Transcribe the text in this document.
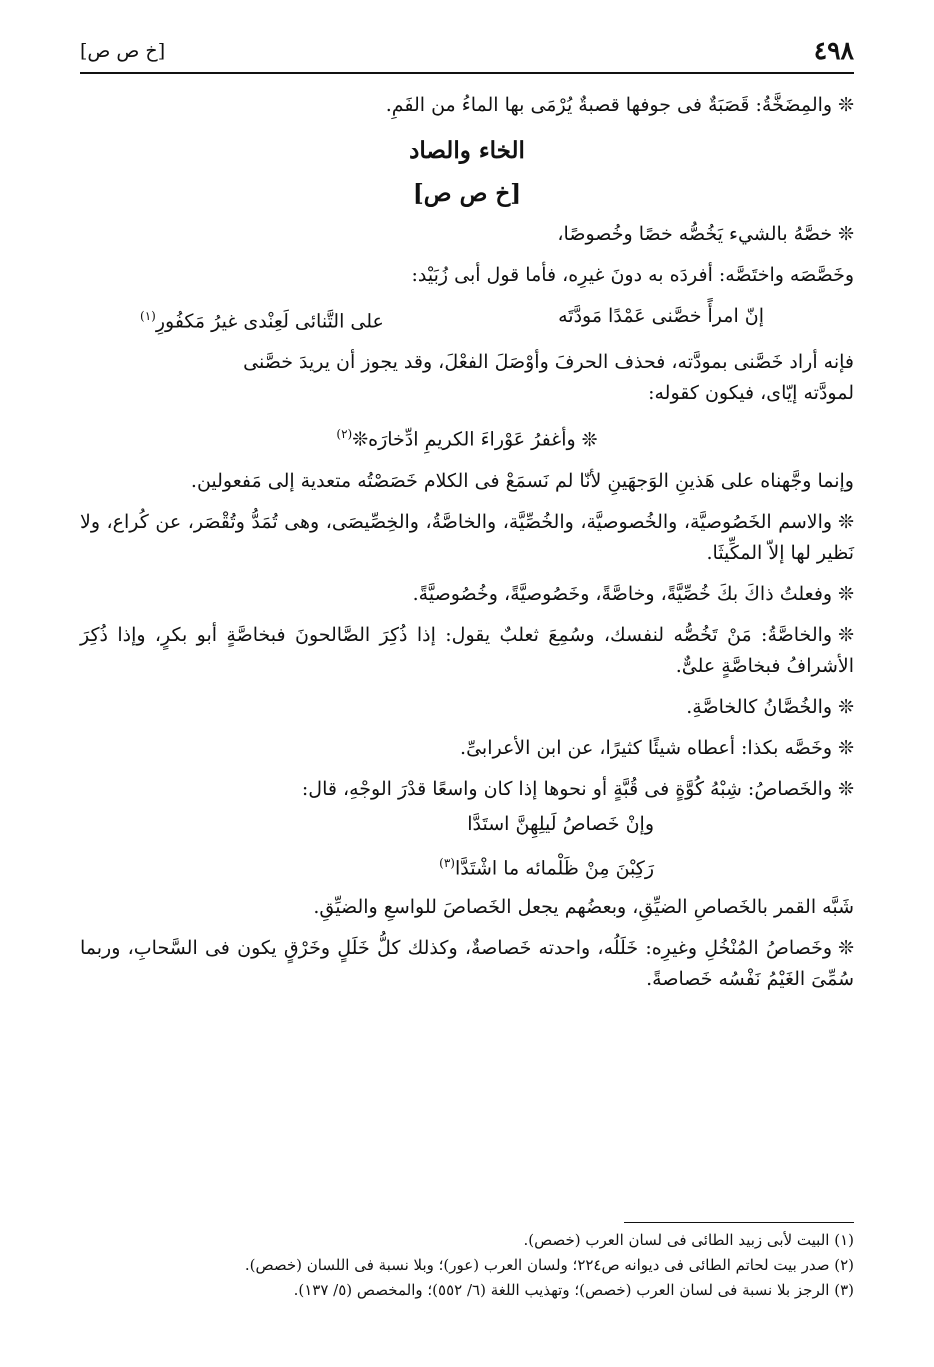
٤٩٨
[خ ص ص]

❊والمِضَخَّةُ: قَصَبَةٌ فى جوفها قصبةٌ يُرْمَى بها الماءُ من الفَمِ.

الخاء والصاد
[خ ص ص]

❊خصَّهُ بالشيء يَخُصُّه خصًا وخُصوصًا،

وخَصَّصَه واختَصَّه: أفردَه به دونَ غيرِه، فأما قول أبى زُبَيْد:

إنّ امرأً خصَّنى عَمْدًا مَودَّتَه
على التَّنائى لَعِنْدى غيرُ مَكفُورِ$^{(١)}$

فإنه أراد خَصَّنى بمودَّته، فحذف الحرفَ وأوْصَلَ الفعْلَ، وقد يجوز أن يريدَ خصَّنى

لمودَّته إيّاى، فيكون كقوله:

❊وأغفرُ عَوْراءَ الكريمِ ادِّخارَه❊$^{(٢)}$

وإنما وجَّهناه على هَذينِ الوَجهَينِ لأنّا لم نَسمَعْ فى الكلام خَصَصْتُه متعدية إلى مَفعولين.

❊والاسم الخَصُوصيَّة، والخُصوصيَّة، والخُصِّيَّة، والخاصَّةُ، والخِصِّيصَى، وهى تُمَدُّ وتُقْصَر، عن كُراع، ولا نَظير لها إلاّ المكِّيثَا.

❊وفعلتُ ذاكَ بكَ خُصِّيَّةً، وخاصَّةً، وخَصُوصيَّةً، وخُصُوصيَّةً.

❊والخاصَّةُ: مَنْ تَخُصُّه لنفسك، وسُمِعَ ثعلبٌ يقول: إذا ذُكِرَ الصَّالحونَ فبخاصَّةٍ أبو بكرٍ، وإذا ذُكِرَ الأشرافُ فبخاصَّةٍ علىٌّ.

❊والخُصَّانُ كالخاصَّةِ.

❊وخَصَّه بكذا: أعطاه شيئًا كثيرًا، عن ابن الأعرابىِّ.

❊والخَصاصُ: شِبْهُ كُوَّةٍ فى قُبَّةٍ أو نحوها إذا كان واسعًا قدْرَ الوجْهِ، قال:

وإنْ خَصاصُ لَيلِهِنَّ استَدَّا
رَكِبْنَ مِنْ ظَلْمائه ما اشْتَدَّا$^{(٣)}$

شَبَّه القمر بالخَصاصِ الضيِّقِ، وبعضُهم يجعل الخَصاصَ للواسعِ والضيِّقِ.

❊وخَصاصُ المُنْخُلِ وغيرِه: خَلَلُه، واحدته خَصاصةٌ، وكذلك كلُّ خَلَلٍ وخَرْقٍ يكون فى السَّحابِ، وربما سُمِّىَ الغَيْمُ نَفْسُه خَصاصةً.

(١) البيت لأبى زبيد الطائى فى لسان العرب (خصص).
(٢) صدر بيت لحاتم الطائى فى ديوانه ص٢٢٤؛ ولسان العرب (عور)؛ وبلا نسبة فى اللسان (خصص).
(٣) الرجز بلا نسبة فى لسان العرب (خصص)؛ وتهذيب اللغة (٦/ ٥٥٢)؛ والمخصص (٥/ ١٣٧).
